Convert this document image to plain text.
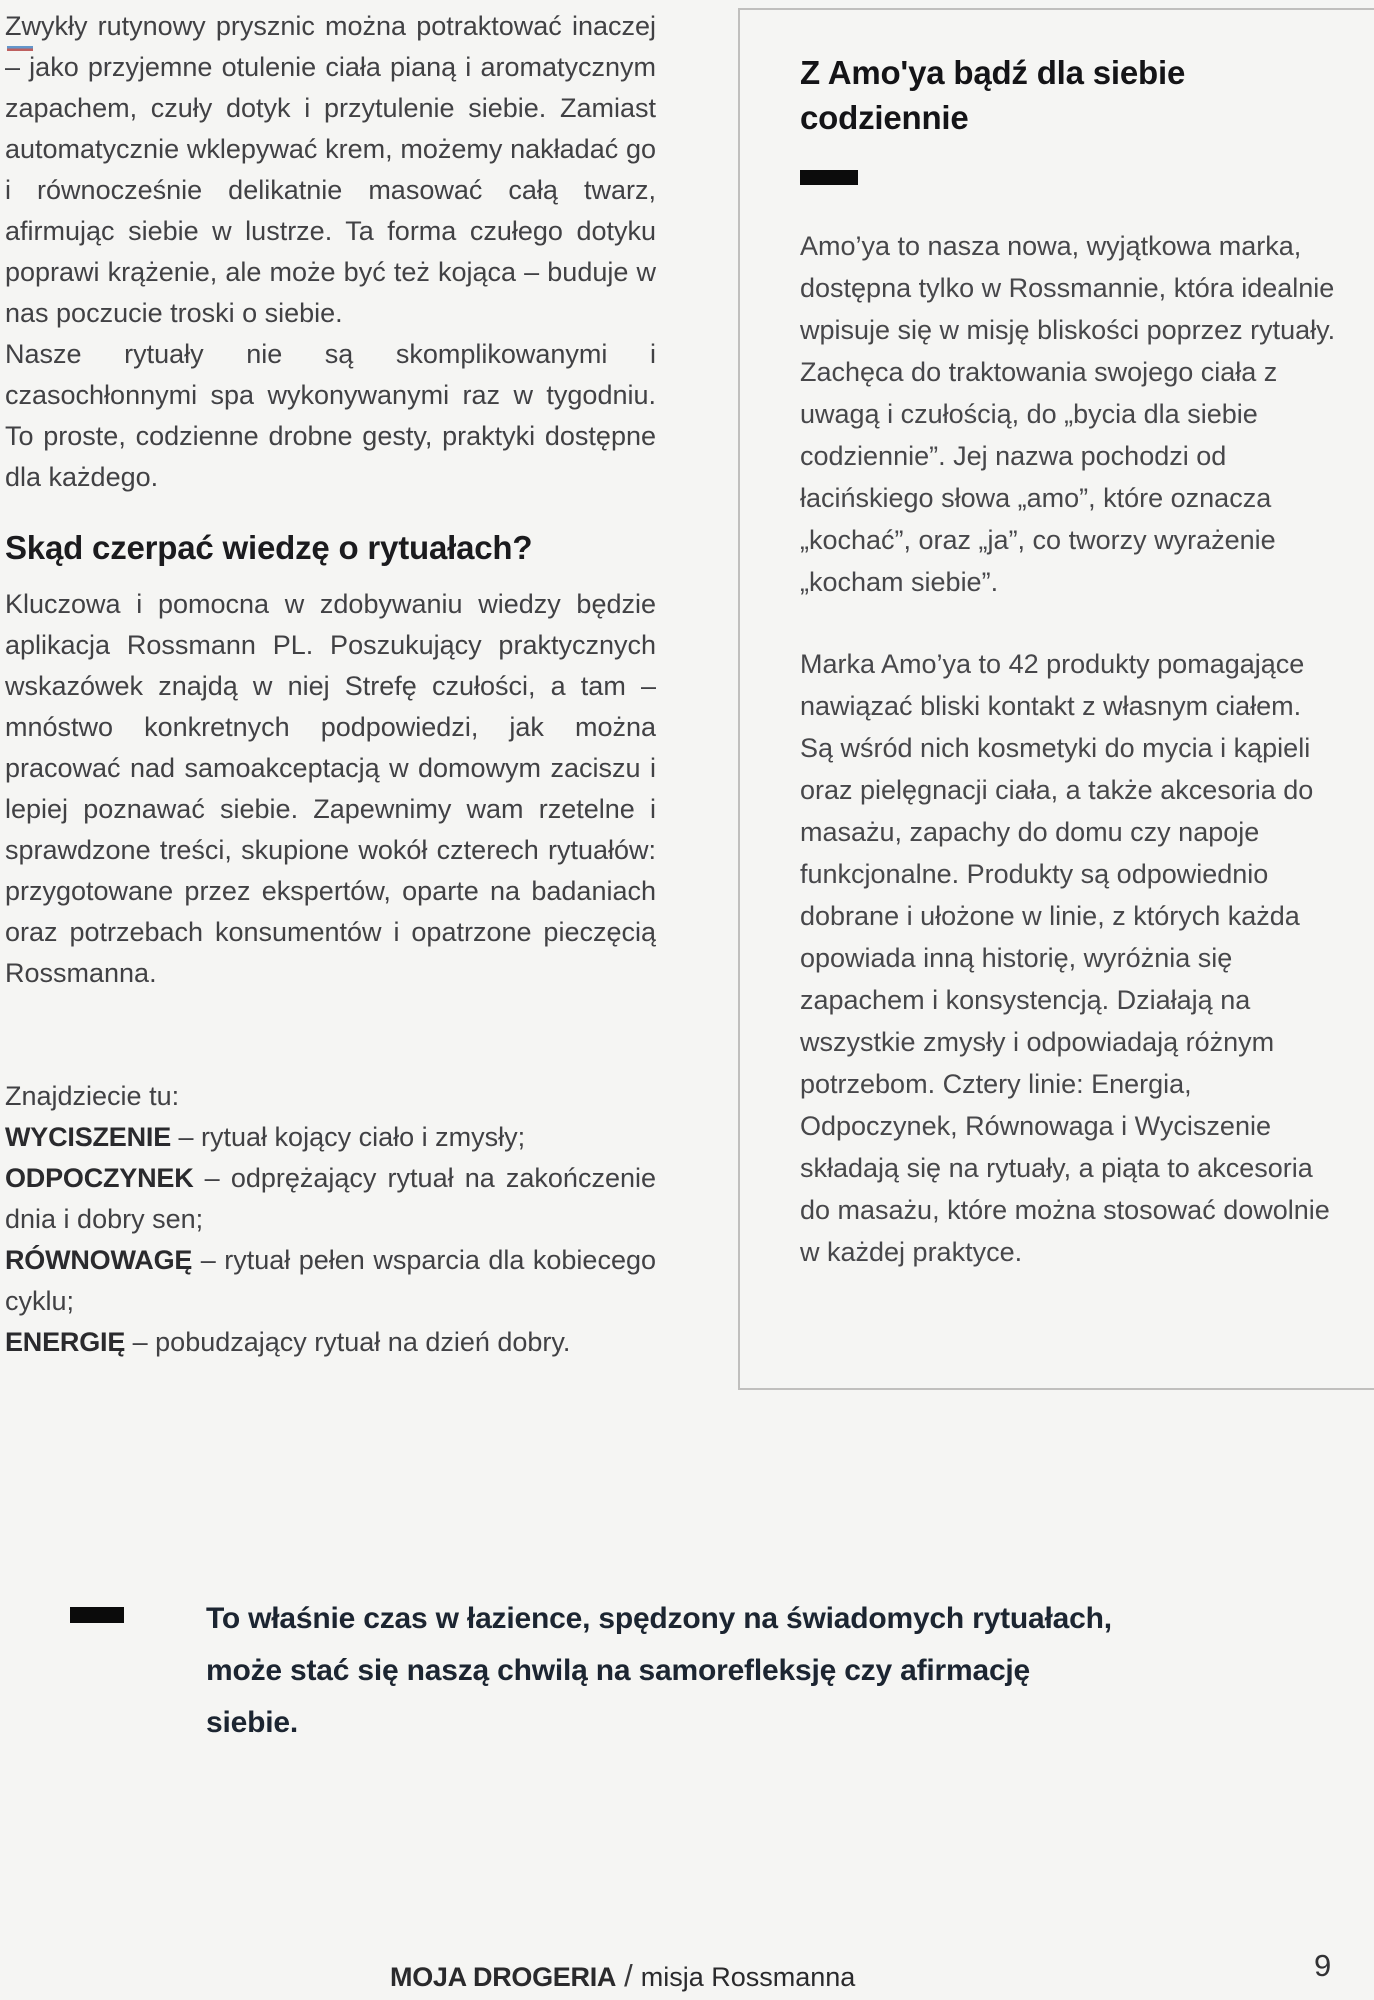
Zwykły rutynowy prysznic można potraktować inaczej – jako przyjemne otulenie ciała pianą i aromatycznym zapachem, czuły dotyk i przytulenie siebie. Zamiast automatycznie wklepywać krem, możemy nakładać go i równocześnie delikatnie masować całą twarz, afirmując siebie w lustrze. Ta forma czułego dotyku poprawi krążenie, ale może być też kojąca – buduje w nas poczucie troski o siebie.

Nasze rytuały nie są skomplikowanymi i czasochłonnymi spa wykonywanymi raz w tygodniu. To proste, codzienne drobne gesty, praktyki dostępne dla każdego.

Skąd czerpać wiedzę o rytuałach?

Kluczowa i pomocna w zdobywaniu wiedzy będzie aplikacja Rossmann PL. Poszukujący praktycznych wskazówek znajdą w niej Strefę czułości, a tam – mnóstwo konkretnych podpowiedzi, jak można pracować nad samoakceptacją w domowym zaciszu i lepiej poznawać siebie. Zapewnimy wam rzetelne i sprawdzone treści, skupione wokół czterech rytuałów: przygotowane przez ekspertów, oparte na badaniach oraz potrzebach konsumentów i opatrzone pieczęcią Rossmanna.

Znajdziecie tu:

WYCISZENIE – rytuał kojący ciało i zmysły;

ODPOCZYNEK – odprężający rytuał na zakończenie dnia i dobry sen;

RÓWNOWAGĘ – rytuał pełen wsparcia dla kobiecego cyklu;

ENERGIĘ – pobudzający rytuał na dzień dobry.

Z Amo'ya bądź dla siebie codziennie

Amo’ya to nasza nowa, wyjątkowa marka, dostępna tylko w Rossmannie, która idealnie wpisuje się w misję bliskości poprzez rytuały. Zachęca do traktowania swojego ciała z uwagą i czułością, do „bycia dla siebie codziennie”. Jej nazwa pochodzi od łacińskiego słowa „amo”, które oznacza „kochać”, oraz „ja”, co tworzy wyrażenie „kocham siebie”.

Marka Amo’ya to 42 produkty pomagające nawiązać bliski kontakt z własnym ciałem. Są wśród nich kosmetyki do mycia i kąpieli oraz pielęgnacji ciała, a także akcesoria do masażu, zapachy do domu czy napoje funkcjonalne. Produkty są odpowiednio dobrane i ułożone w linie, z których każda opowiada inną historię, wyróżnia się zapachem i konsystencją. Działają na wszystkie zmysły i odpowiadają różnym potrzebom. Cztery linie: Energia, Odpoczynek, Równowaga i Wyciszenie składają się na rytuały, a piąta to akcesoria do masażu, które można stosować dowolnie w każdej praktyce.

To właśnie czas w łazience, spędzony na świadomych rytuałach, może stać się naszą chwilą na samorefleksję czy afirmację siebie.

MOJA DROGERIA / misja Rossmanna	9
